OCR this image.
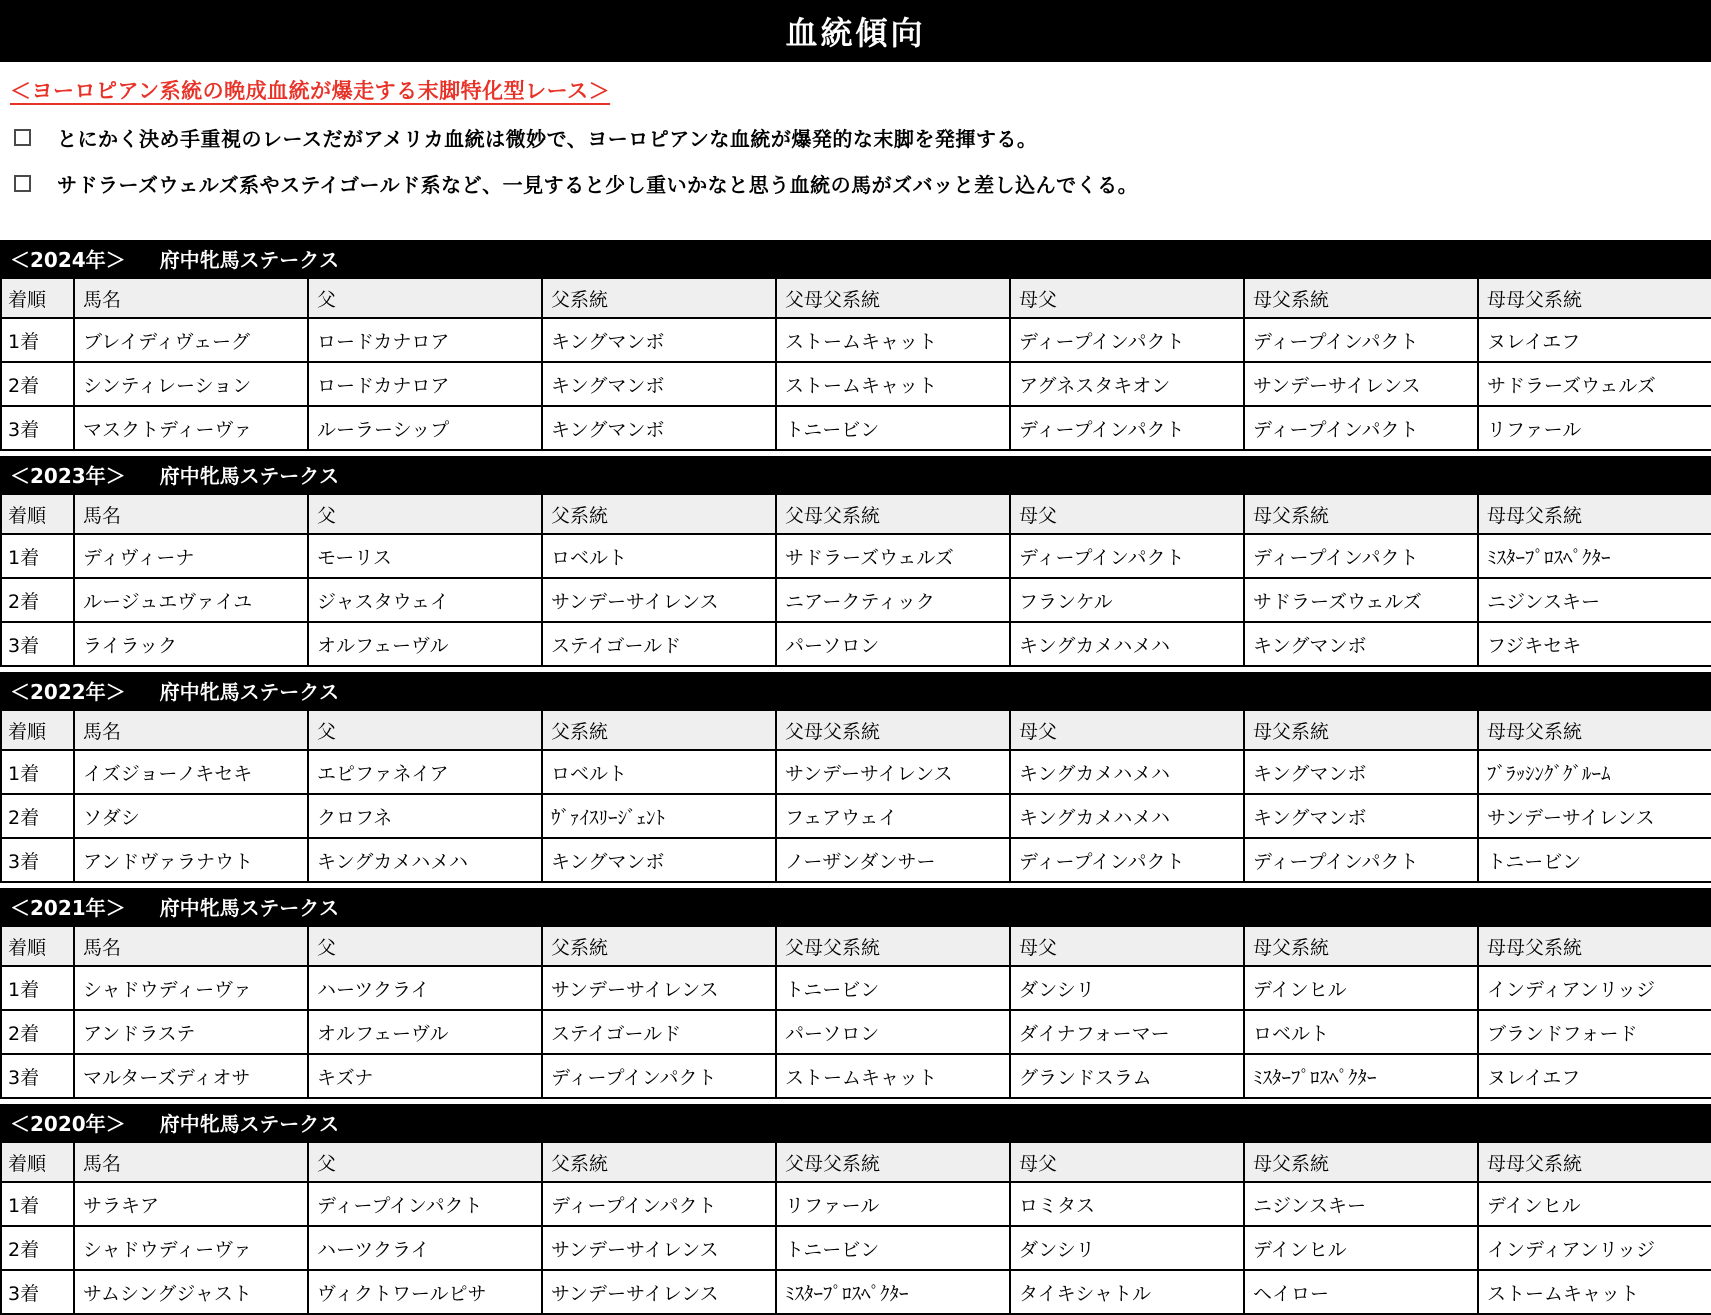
血統傾向
＜ヨーロピアン系統の晩成血統が爆走する末脚特化型レース＞
とにかく決め手重視のレースだがアメリカ血統は微妙で、ヨーロピアンな血統が爆発的な末脚を発揮する。
サドラーズウェルズ系やステイゴールド系など、一見すると少し重いかなと思う血統の馬がズバッと差し込んでくる。
＜2024年＞ 府中牝馬ステークス
着順	馬名	父	父系統	父母父系統	母父	母父系統	母母父系統
1着	ブレイディヴェーグ	ロードカナロア	キングマンボ	ストームキャット	ディープインパクト	ディープインパクト	ヌレイエフ
2着	シンティレーション	ロードカナロア	キングマンボ	ストームキャット	アグネスタキオン	サンデーサイレンス	サドラーズウェルズ
3着	マスクトディーヴァ	ルーラーシップ	キングマンボ	トニービン	ディープインパクト	ディープインパクト	リファール
＜2023年＞ 府中牝馬ステークス
着順	馬名	父	父系統	父母父系統	母父	母父系統	母母父系統
1着	ディヴィーナ	モーリス	ロベルト	サドラーズウェルズ	ディープインパクト	ディープインパクト	ﾐｽﾀｰﾌﾟﾛｽﾍﾟｸﾀｰ
2着	ルージュエヴァイユ	ジャスタウェイ	サンデーサイレンス	ニアークティック	フランケル	サドラーズウェルズ	ニジンスキー
3着	ライラック	オルフェーヴル	ステイゴールド	パーソロン	キングカメハメハ	キングマンボ	フジキセキ
＜2022年＞ 府中牝馬ステークス
着順	馬名	父	父系統	父母父系統	母父	母父系統	母母父系統
1着	イズジョーノキセキ	エピファネイア	ロベルト	サンデーサイレンス	キングカメハメハ	キングマンボ	ﾌﾞﾗｯｼﾝｸﾞｸﾞﾙｰﾑ
2着	ソダシ	クロフネ	ｳﾞｧｲｽﾘｰｼﾞｪﾝﾄ	フェアウェイ	キングカメハメハ	キングマンボ	サンデーサイレンス
3着	アンドヴァラナウト	キングカメハメハ	キングマンボ	ノーザンダンサー	ディープインパクト	ディープインパクト	トニービン
＜2021年＞ 府中牝馬ステークス
着順	馬名	父	父系統	父母父系統	母父	母父系統	母母父系統
1着	シャドウディーヴァ	ハーツクライ	サンデーサイレンス	トニービン	ダンシリ	デインヒル	インディアンリッジ
2着	アンドラステ	オルフェーヴル	ステイゴールド	パーソロン	ダイナフォーマー	ロベルト	ブランドフォード
3着	マルターズディオサ	キズナ	ディープインパクト	ストームキャット	グランドスラム	ﾐｽﾀｰﾌﾟﾛｽﾍﾟｸﾀｰ	ヌレイエフ
＜2020年＞ 府中牝馬ステークス
着順	馬名	父	父系統	父母父系統	母父	母父系統	母母父系統
1着	サラキア	ディープインパクト	ディープインパクト	リファール	ロミタス	ニジンスキー	デインヒル
2着	シャドウディーヴァ	ハーツクライ	サンデーサイレンス	トニービン	ダンシリ	デインヒル	インディアンリッジ
3着	サムシングジャスト	ヴィクトワールピサ	サンデーサイレンス	ﾐｽﾀｰﾌﾟﾛｽﾍﾟｸﾀｰ	タイキシャトル	ヘイロー	ストームキャット
